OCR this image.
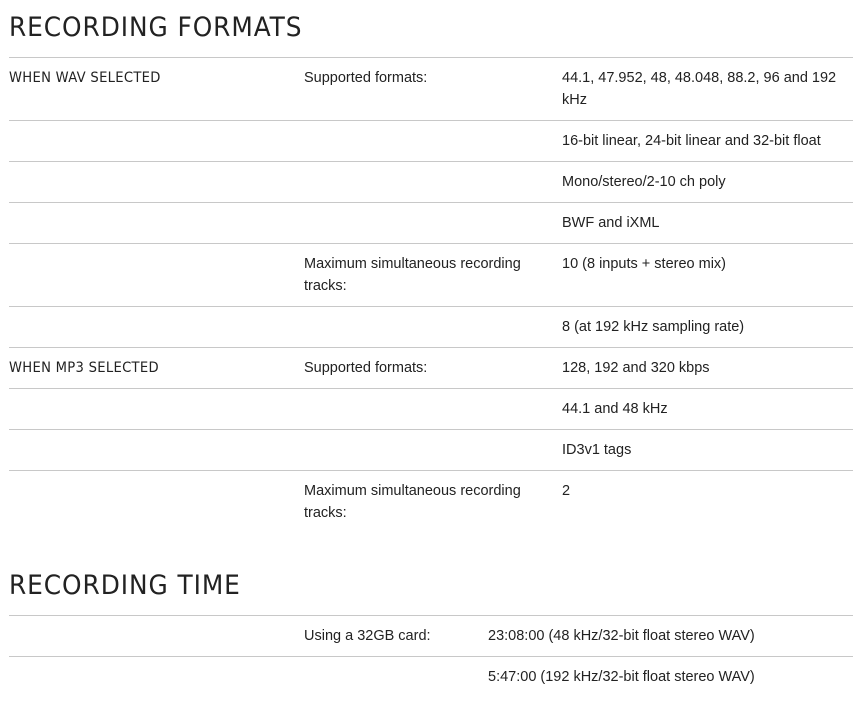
RECORDING FORMATS
WHEN WAV SELECTED	Supported formats:	44.1, 47.952, 48, 48.048, 88.2, 96 and 192 kHz

		16-bit linear, 24-bit linear and 32-bit float

		Mono/stereo/2-10 ch poly

		BWF and iXML

	Maximum simultaneous recording tracks:	10 (8 inputs + stereo mix)

		8 (at 192 kHz sampling rate)

WHEN MP3 SELECTED	Supported formats:	128, 192 and 320 kbps

		44.1 and 48 kHz

		ID3v1 tags

	Maximum simultaneous recording tracks:	2
RECORDING TIME

	Using a 32GB card:	23:08:00 (48 kHz/32-bit float stereo WAV)

		5:47:00 (192 kHz/32-bit float stereo WAV)
